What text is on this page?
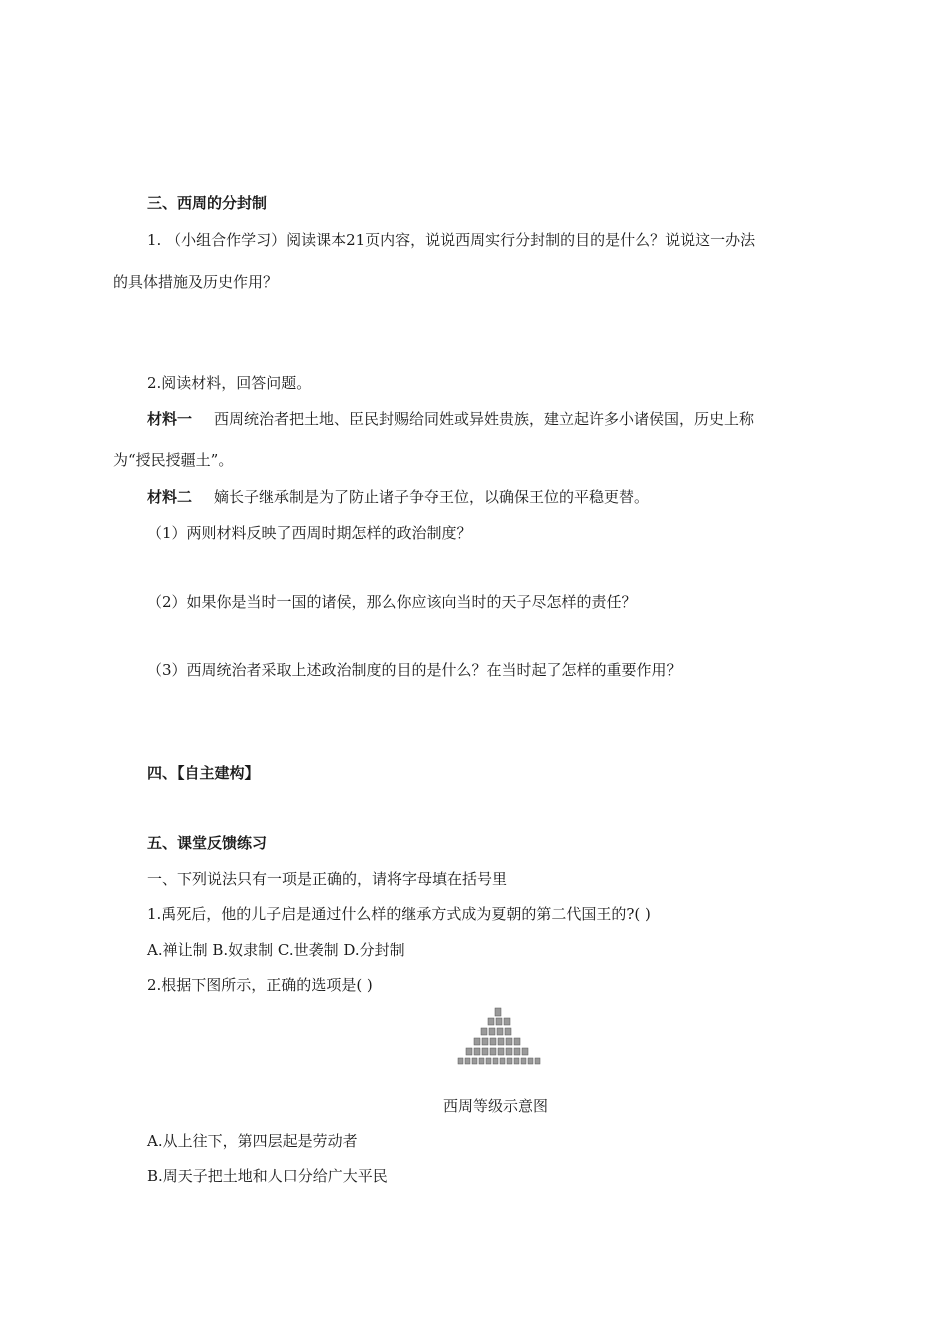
三、西周的分封制
1. （小组合作学习）阅读课本21页内容，说说西周实行分封制的目的是什么？说说这一办法
的具体措施及历史作用？
2.阅读材料，回答问题。
材料一 西周统治者把土地、臣民封赐给同姓或异姓贵族，建立起许多小诸侯国，历史上称
为“授民授疆土”。
材料二 嫡长子继承制是为了防止诸子争夺王位，以确保王位的平稳更替。
（1）两则材料反映了西周时期怎样的政治制度？
（2）如果你是当时一国的诸侯，那么你应该向当时的天子尽怎样的责任？
（3）西周统治者采取上述政治制度的目的是什么？在当时起了怎样的重要作用？
四、【自主建构】
五、课堂反馈练习
一、下列说法只有一项是正确的，请将字母填在括号里
1.禹死后，他的儿子启是通过什么样的继承方式成为夏朝的第二代国王的?( )
A.禅让制 B.奴隶制 C.世袭制 D.分封制
2.根据下图所示，正确的选项是( )
西周等级示意图
A.从上往下，第四层起是劳动者
B.周天子把土地和人口分给广大平民
